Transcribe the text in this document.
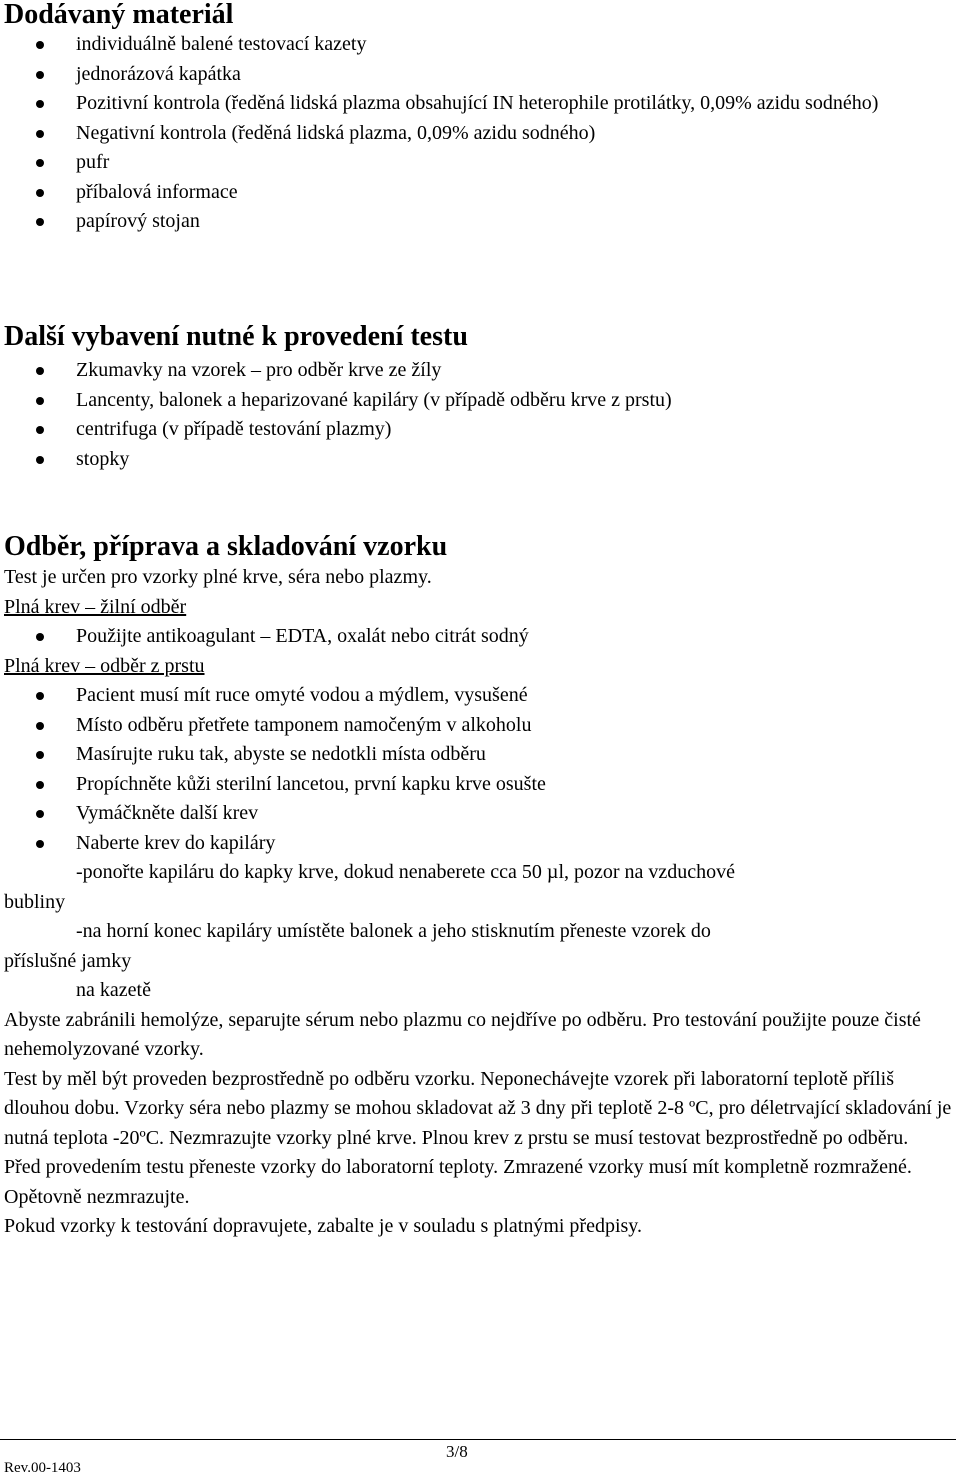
Dodávaný materiál
individuálně balené testovací kazety
jednorázová kapátka
Pozitivní kontrola (ředěná lidská plazma obsahující IN heterophile protilátky, 0,09% azidu sodného)
Negativní kontrola (ředěná lidská plazma, 0,09% azidu sodného)
pufr
příbalová informace
papírový stojan
Další vybavení nutné k provedení testu
Zkumavky na vzorek – pro odběr krve ze žíly
Lancenty, balonek a heparizované kapiláry (v případě odběru krve z prstu)
centrifuga (v případě testování plazmy)
stopky
Odběr, příprava a skladování vzorku
Test je určen pro vzorky plné krve, séra nebo plazmy.
Plná krev – žilní odběr
Použijte antikoagulant – EDTA, oxalát nebo citrát sodný
Plná krev – odběr z prstu
Pacient musí mít ruce omyté vodou a mýdlem, vysušené
Místo odběru přetřete tamponem namočeným v alkoholu
Masírujte ruku tak, abyste se nedotkli místa odběru
Propíchněte kůži sterilní lancetou, první kapku krve osušte
Vymáčkněte další krev
Naberte krev do kapiláry
-ponořte kapiláru do kapky krve, dokud nenaberete cca 50 µl, pozor na vzduchové
bubliny
-na horní konec kapiláry umístěte balonek a jeho stisknutím přeneste vzorek do
příslušné jamky
na kazetě
Abyste zabránili hemolýze, separujte sérum nebo plazmu co nejdříve po odběru. Pro testování použijte pouze čisté nehemolyzované vzorky.
Test by měl být proveden bezprostředně po odběru vzorku. Neponechávejte vzorek při laboratorní teplotě příliš dlouhou dobu. Vzorky séra nebo plazmy se mohou skladovat až 3 dny při teplotě 2-8 ºC, pro déletrvající skladování je nutná teplota -20ºC. Nezmrazujte vzorky plné krve. Plnou krev z prstu se musí testovat bezprostředně po odběru.
Před provedením testu přeneste vzorky do laboratorní teploty. Zmrazené vzorky musí mít kompletně rozmražené. Opětovně nezmrazujte.
Pokud vzorky k testování dopravujete, zabalte je v souladu s platnými předpisy.
3/8
Rev.00-1403
